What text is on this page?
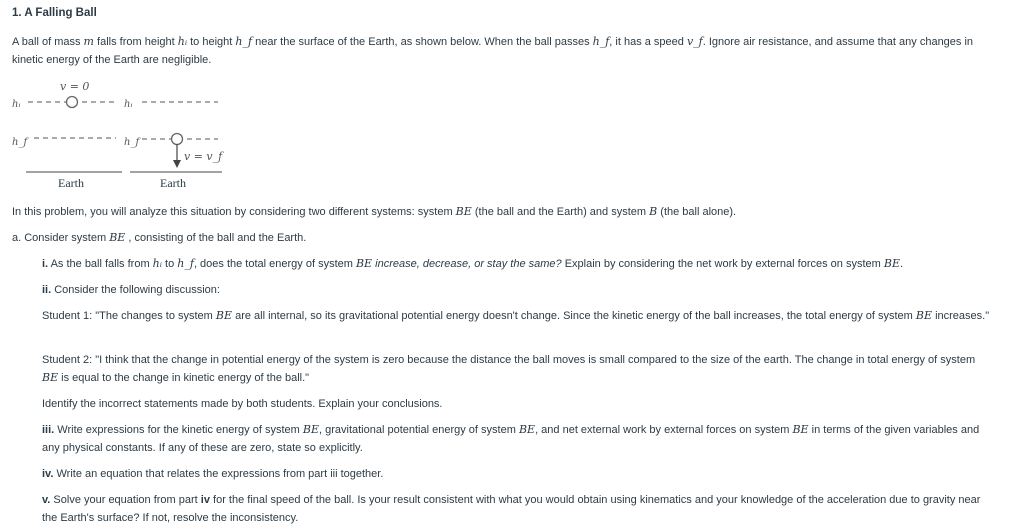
1. A Falling Ball
A ball of mass m falls from height hᵢ to height h_f near the surface of the Earth, as shown below. When the ball passes h_f, it has a speed v_f. Ignore air resistance, and assume that any changes in kinetic energy of the Earth are negligible.
v = 0
hᵢ
h_f
Earth
hᵢ
h_f
v = v_f
Earth
In this problem, you will analyze this situation by considering two different systems: system BE (the ball and the Earth) and system B (the ball alone).
a. Consider system BE , consisting of the ball and the Earth.
i. As the ball falls from hᵢ to h_f, does the total energy of system BE increase, decrease, or stay the same? Explain by considering the net work by external forces on system BE.
ii. Consider the following discussion:
Student 1: "The changes to system BE are all internal, so its gravitational potential energy doesn't change. Since the kinetic energy of the ball increases, the total energy of system BE increases."
Student 2: "I think that the change in potential energy of the system is zero because the distance the ball moves is small compared to the size of the earth. The change in total energy of system BE is equal to the change in kinetic energy of the ball."
Identify the incorrect statements made by both students. Explain your conclusions.
iii. Write expressions for the kinetic energy of system BE, gravitational potential energy of system BE, and net external work by external forces on system BE in terms of the given variables and any physical constants. If any of these are zero, state so explicitly.
iv. Write an equation that relates the expressions from part iii together.
v. Solve your equation from part iv for the final speed of the ball. Is your result consistent with what you would obtain using kinematics and your knowledge of the acceleration due to gravity near the Earth's surface? If not, resolve the inconsistency.
